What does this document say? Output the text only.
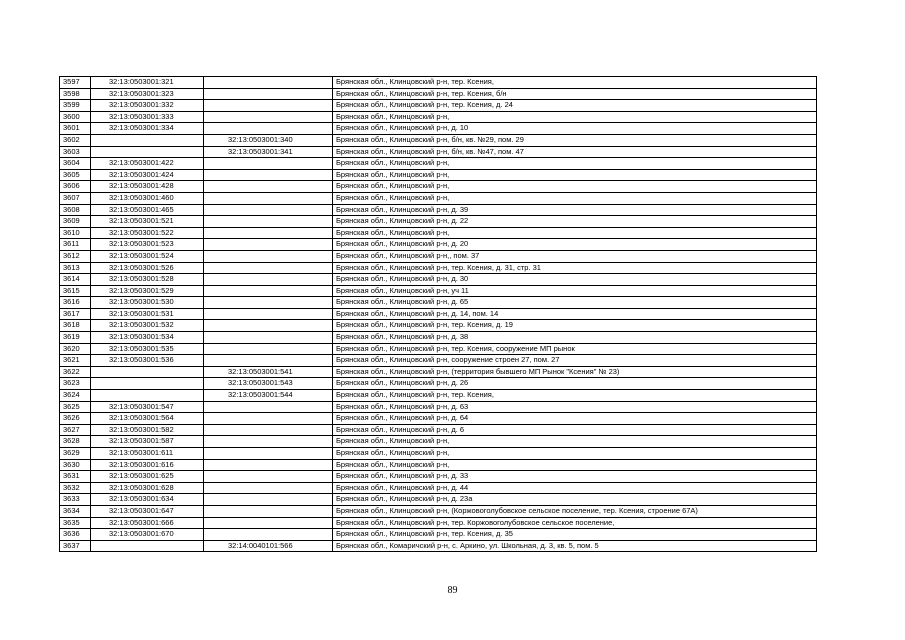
3597	32:13:0503001:321		Брянская обл., Клинцовский р-н, тер. Ксения,
3598	32:13:0503001:323		Брянская обл., Клинцовский р-н, тер. Ксения, б/н
3599	32:13:0503001:332		Брянская обл., Клинцовский р-н, тер. Ксения, д. 24
3600	32:13:0503001:333		Брянская обл., Клинцовский р-н,
3601	32:13:0503001:334		Брянская обл., Клинцовский р-н, д. 10
3602		32:13:0503001:340	Брянская обл., Клинцовский р-н, б/н, кв. №29, пом. 29
3603		32:13:0503001:341	Брянская обл., Клинцовский р-н, б/н, кв. №47, пом. 47
3604	32:13:0503001:422		Брянская обл., Клинцовский р-н,
3605	32:13:0503001:424		Брянская обл., Клинцовский р-н,
3606	32:13:0503001:428		Брянская обл., Клинцовский р-н,
3607	32:13:0503001:460		Брянская обл., Клинцовский р-н,
3608	32:13:0503001:465		Брянская обл., Клинцовский р-н, д. 39
3609	32:13:0503001:521		Брянская обл., Клинцовский р-н, д. 22
3610	32:13:0503001:522		Брянская обл., Клинцовский р-н,
3611	32:13:0503001:523		Брянская обл., Клинцовский р-н, д. 20
3612	32:13:0503001:524		Брянская обл., Клинцовский р-н,, пом. 37
3613	32:13:0503001:526		Брянская обл., Клинцовский р-н, тер. Ксения, д. 31, стр. 31
3614	32:13:0503001:528		Брянская обл., Клинцовский р-н, д. 30
3615	32:13:0503001:529		Брянская обл., Клинцовский р-н, уч 11
3616	32:13:0503001:530		Брянская обл., Клинцовский р-н, д. 65
3617	32:13:0503001:531		Брянская обл., Клинцовский р-н, д. 14, пом. 14
3618	32:13:0503001:532		Брянская обл., Клинцовский р-н, тер. Ксения, д. 19
3619	32:13:0503001:534		Брянская обл., Клинцовский р-н, д. 38
3620	32:13:0503001:535		Брянская обл., Клинцовский р-н, тер. Ксения, сооружение МП рынок
3621	32:13:0503001:536		Брянская обл., Клинцовский р-н, сооружение строен 27, пом. 27
3622		32:13:0503001:541	Брянская обл., Клинцовский р-н, (территория бывшего МП Рынок "Ксения" № 23)
3623		32:13:0503001:543	Брянская обл., Клинцовский р-н, д. 26
3624		32:13:0503001:544	Брянская обл., Клинцовский р-н, тер. Ксения,
3625	32:13:0503001:547		Брянская обл., Клинцовский р-н, д. 63
3626	32:13:0503001:564		Брянская обл., Клинцовский р-н, д. 64
3627	32:13:0503001:582		Брянская обл., Клинцовский р-н, д. 6
3628	32:13:0503001:587		Брянская обл., Клинцовский р-н,
3629	32:13:0503001:611		Брянская обл., Клинцовский р-н,
3630	32:13:0503001:616		Брянская обл., Клинцовский р-н,
3631	32:13:0503001:625		Брянская обл., Клинцовский р-н, д. 33
3632	32:13:0503001:628		Брянская обл., Клинцовский р-н, д. 44
3633	32:13:0503001:634		Брянская обл., Клинцовский р-н, д. 23а
3634	32:13:0503001:647		Брянская обл., Клинцовский р-н, (Коржовоголубовское сельское поселение, тер. Ксения, строение 67А)
3635	32:13:0503001:666		Брянская обл., Клинцовский р-н, тер. Коржовоголубовское сельское поселение,
3636	32:13:0503001:670		Брянская обл., Клинцовский р-н, тер. Ксения, д. 35
3637		32:14:0040101:566	Брянская обл., Комаричский р-н, с. Аркино, ул. Школьная, д. 3, кв. 5, пом. 5
89
